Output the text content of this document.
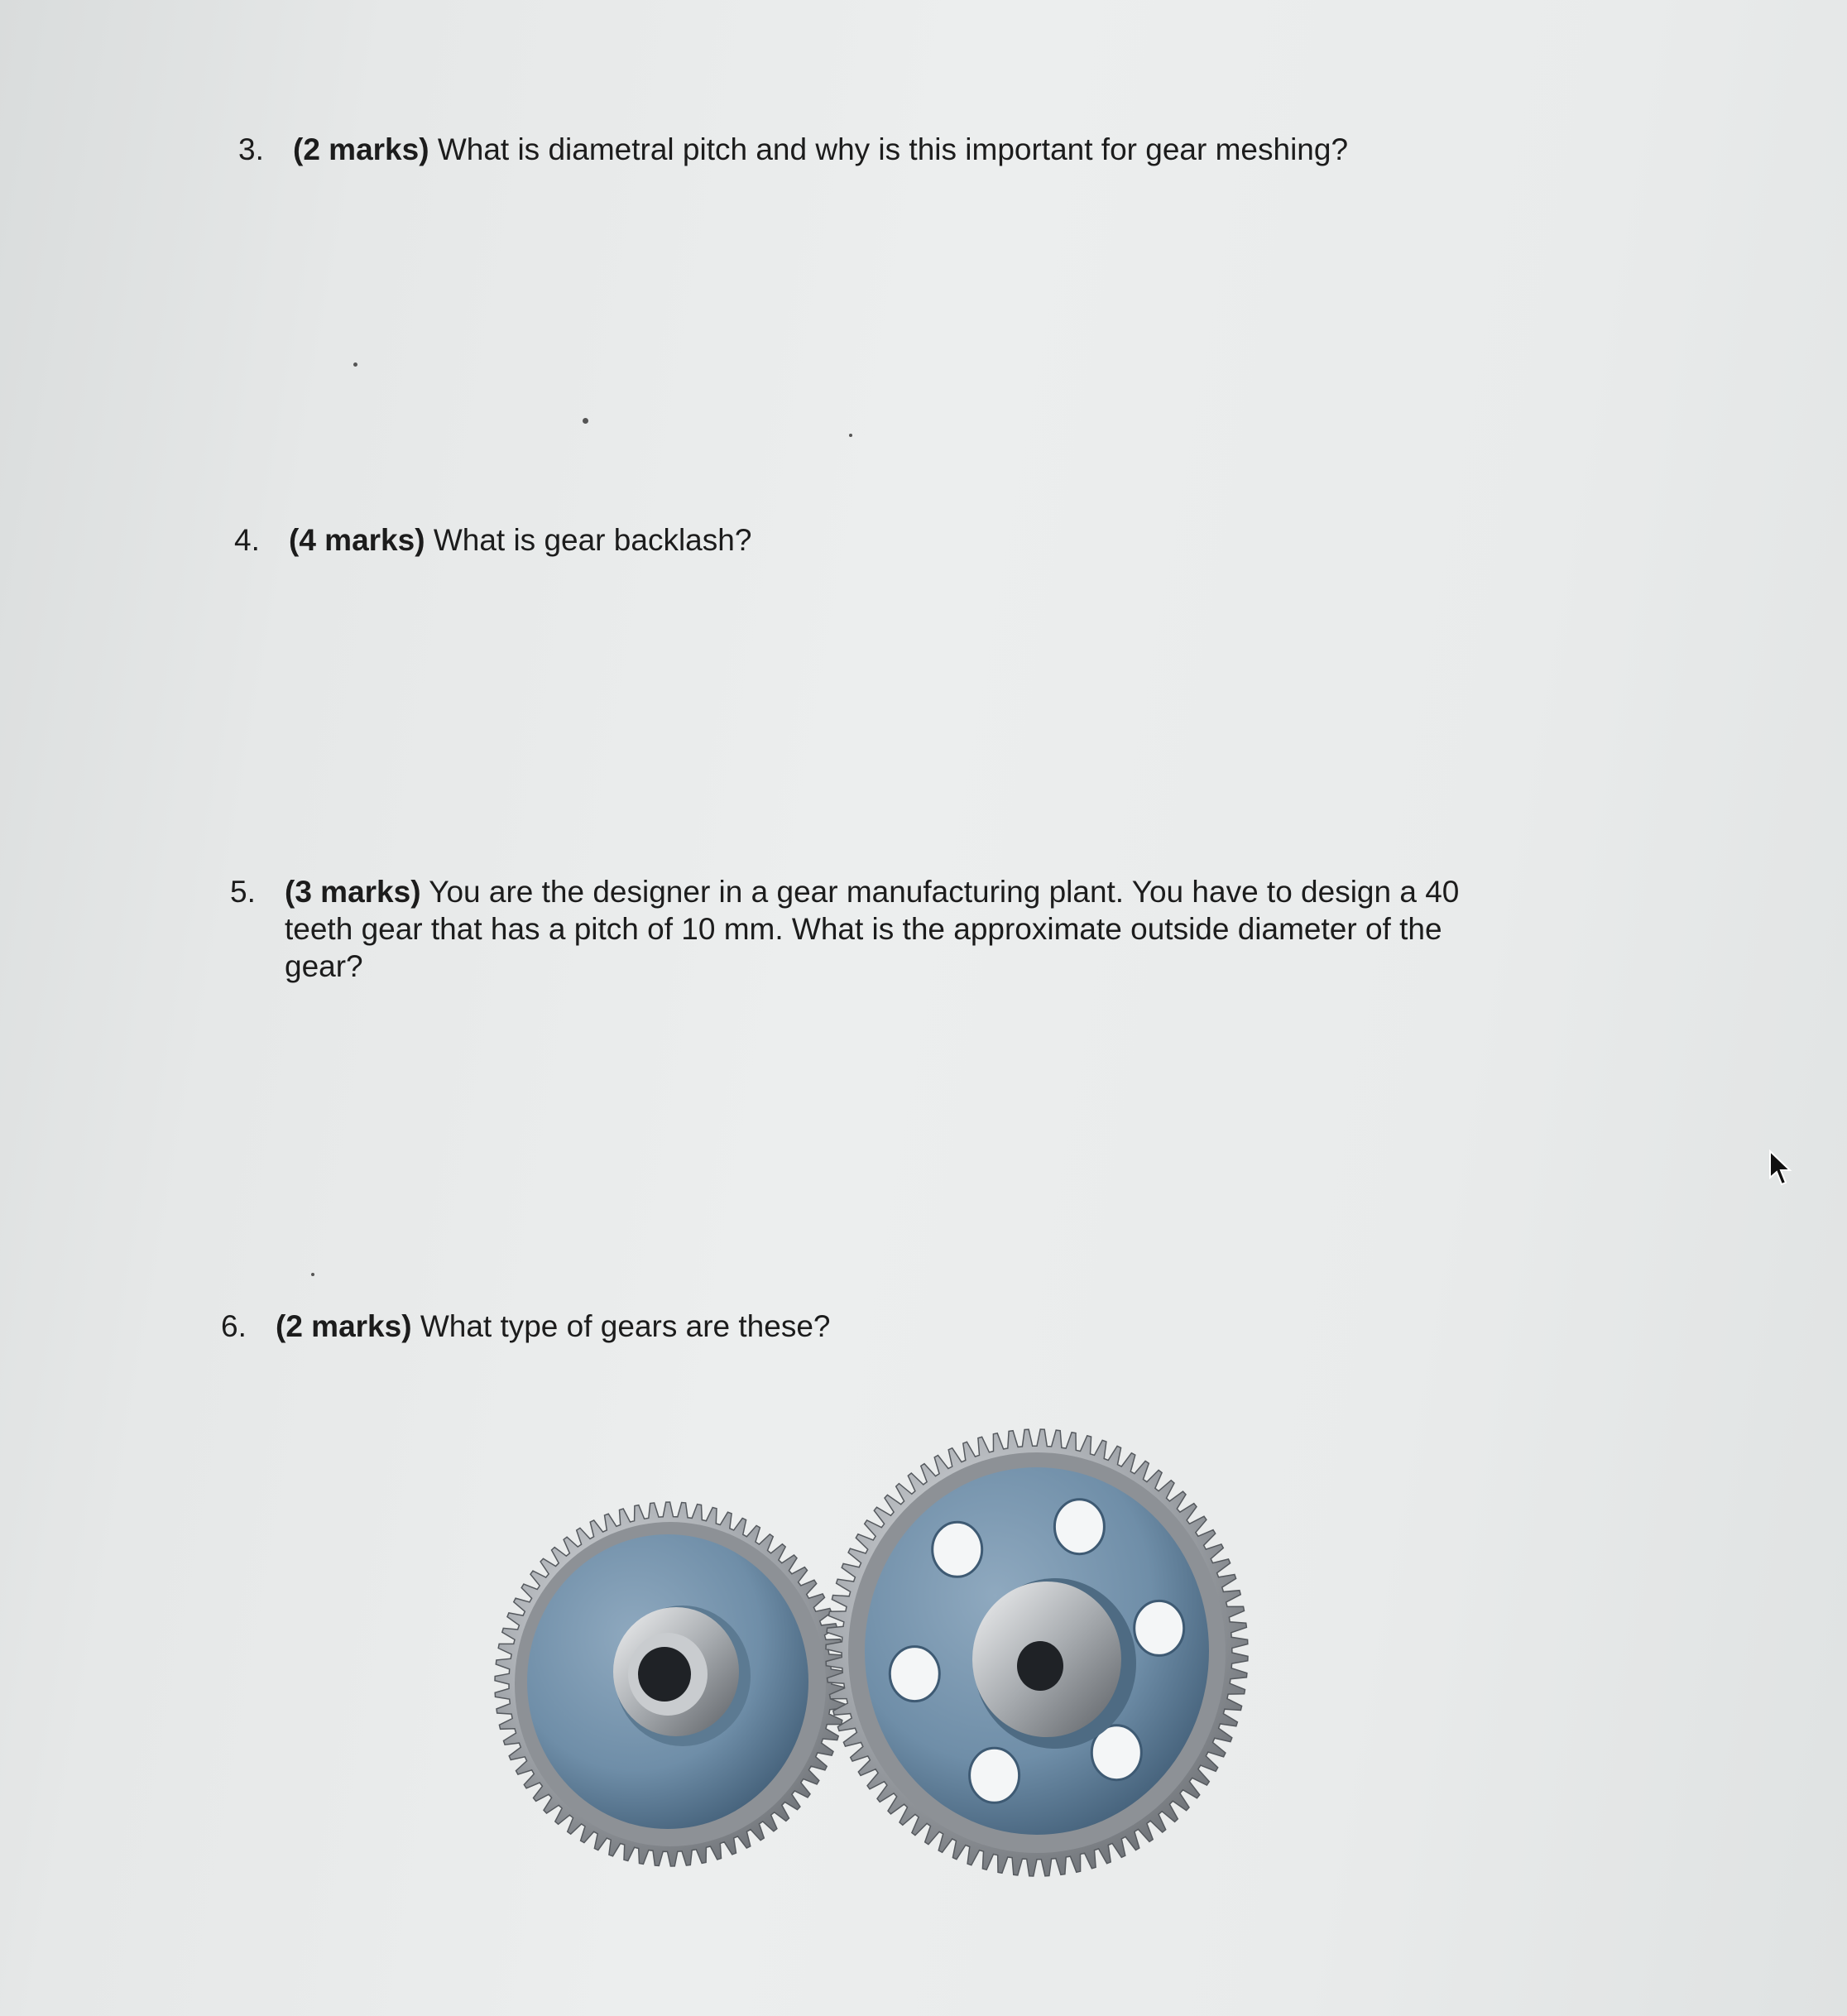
3. (2 marks) What is diametral pitch and why is this important for gear meshing?
4. (4 marks) What is gear backlash?
5. (3 marks) You are the designer in a gear manufacturing plant. You have to design a 40
teeth gear that has a pitch of 10 mm. What is the approximate outside diameter of the
gear?
6. (2 marks) What type of gears are these?
